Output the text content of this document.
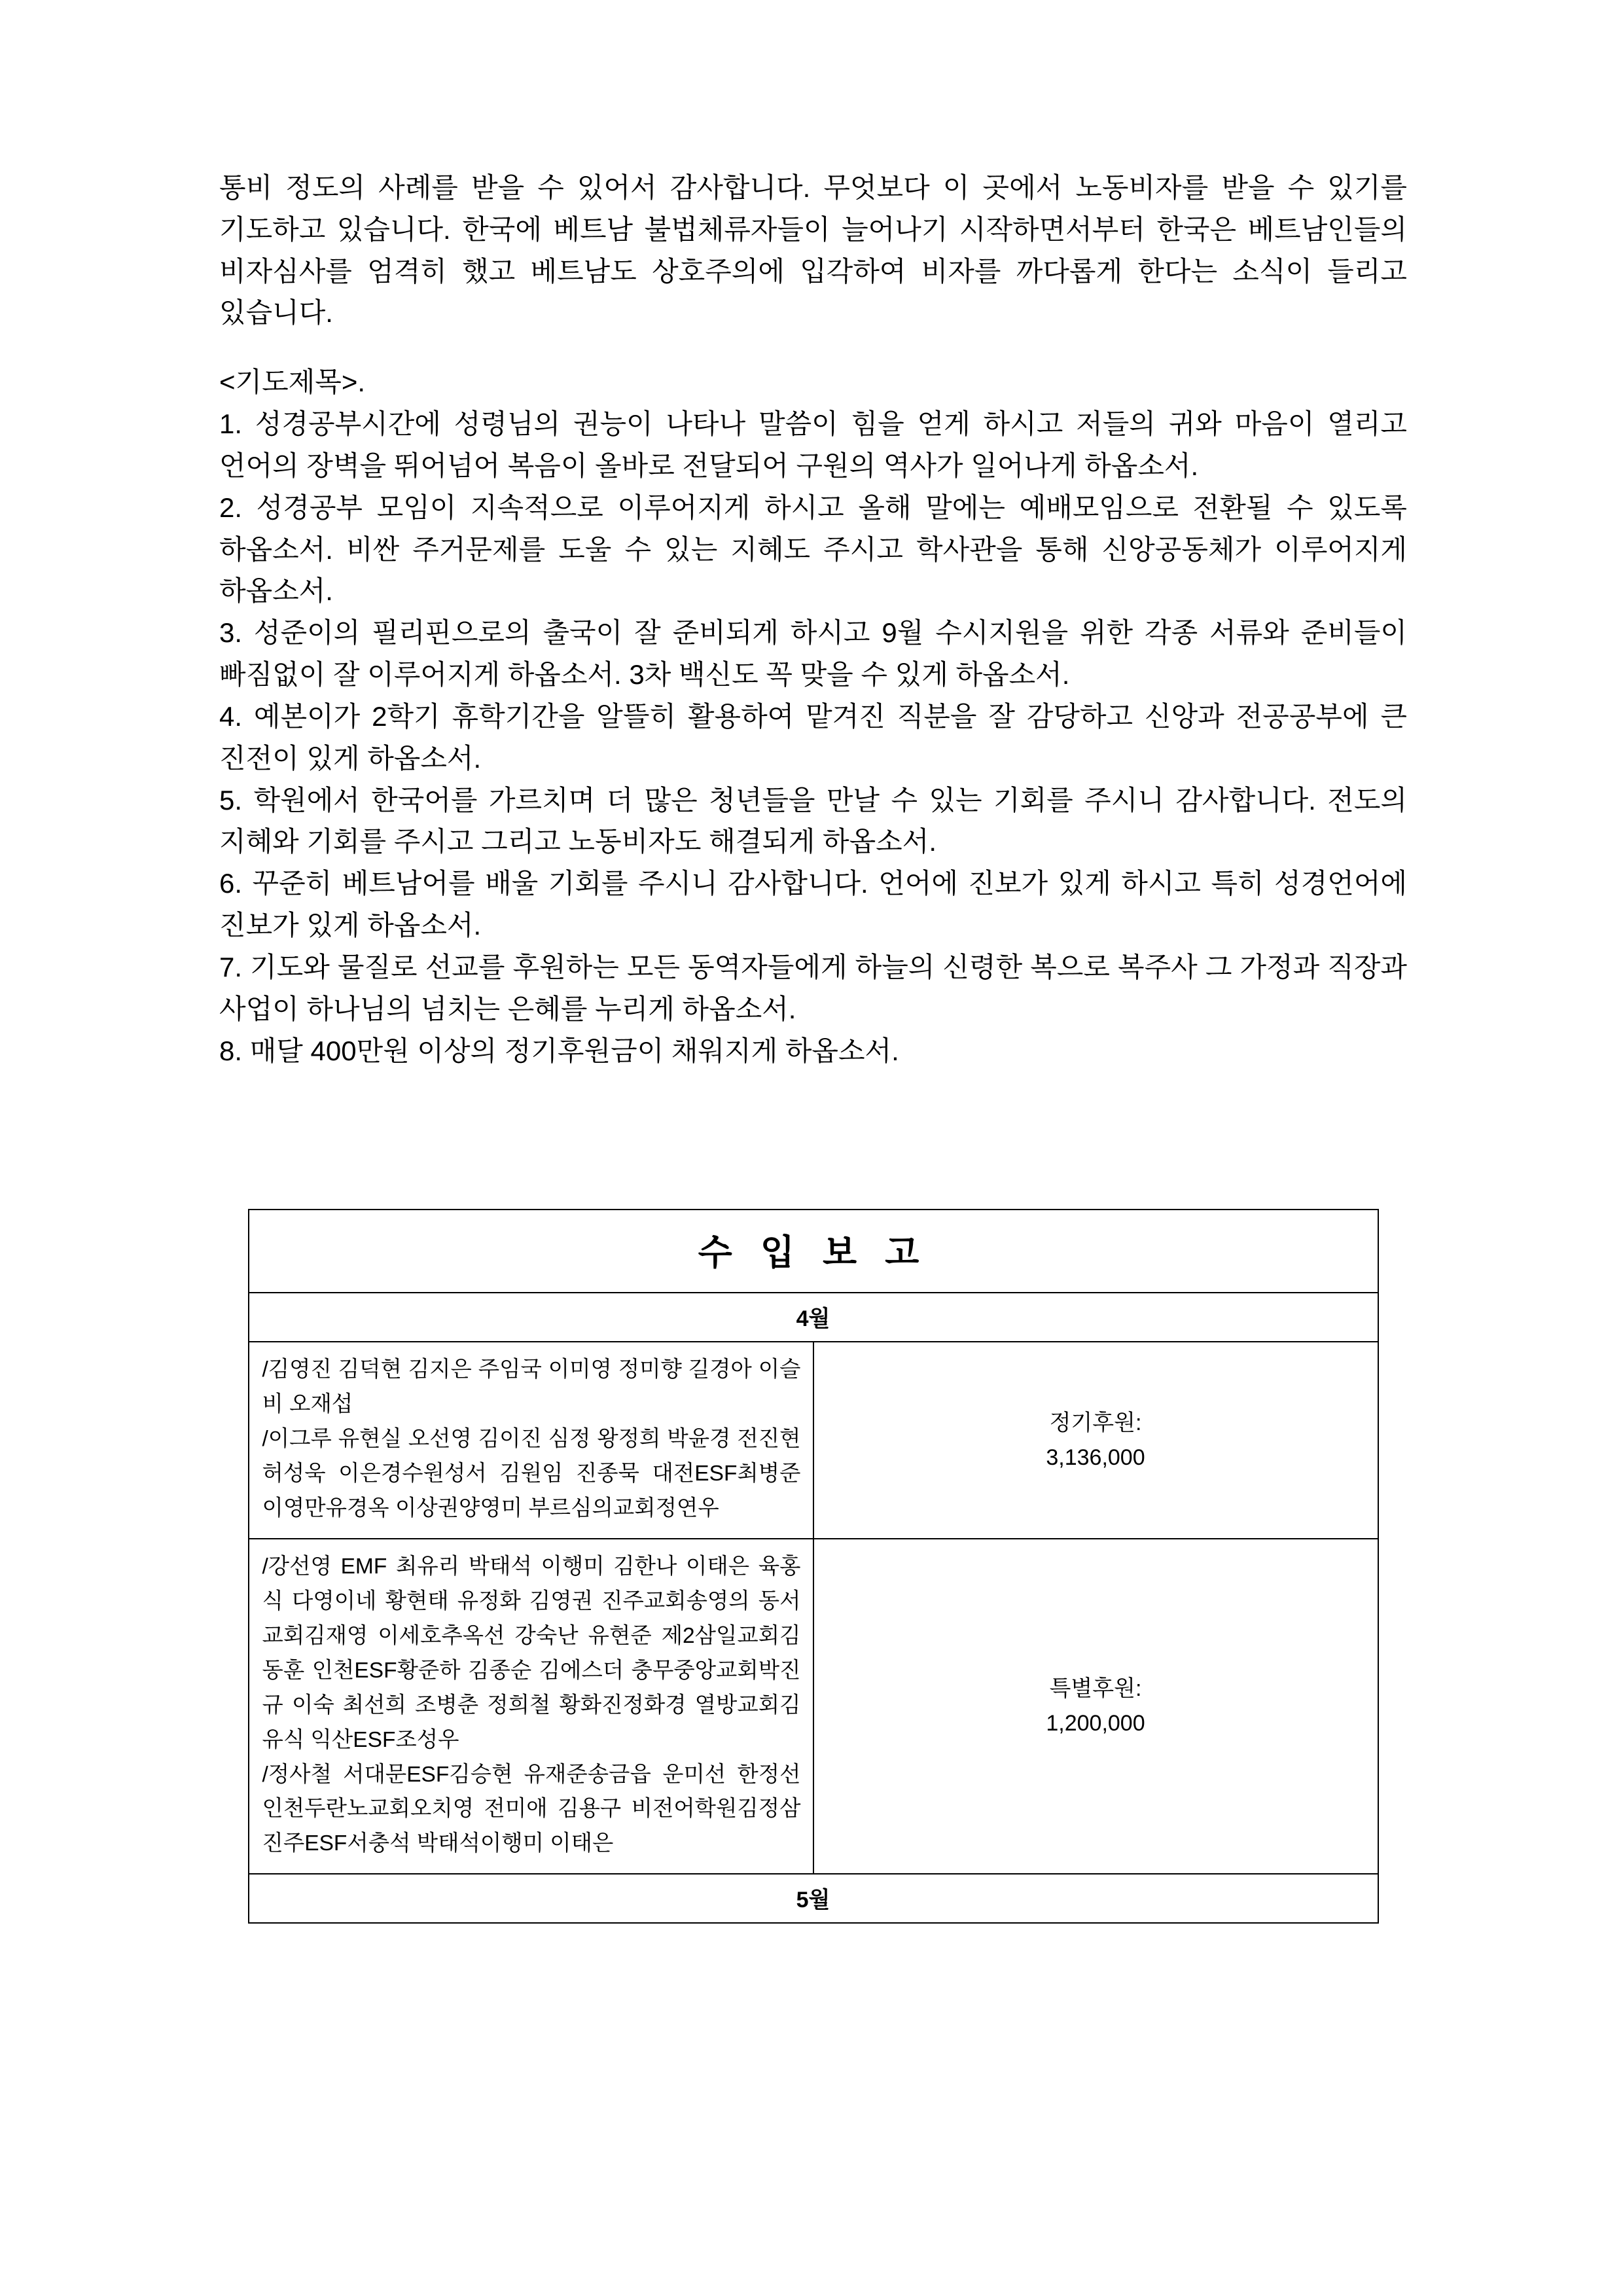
통비 정도의 사례를 받을 수 있어서 감사합니다. 무엇보다 이 곳에서 노동비자를 받을 수 있기를 기도하고 있습니다. 한국에 베트남 불법체류자들이 늘어나기 시작하면서부터 한국은 베트남인들의 비자심사를 엄격히 했고 베트남도 상호주의에 입각하여 비자를 까다롭게 한다는 소식이 들리고 있습니다.

<기도제목>.

1. 성경공부시간에 성령님의 권능이 나타나 말씀이 힘을 얻게 하시고 저들의 귀와 마음이 열리고 언어의 장벽을 뛰어넘어 복음이 올바로 전달되어 구원의 역사가 일어나게 하옵소서.

2. 성경공부 모임이 지속적으로 이루어지게 하시고 올해 말에는 예배모임으로 전환될 수 있도록 하옵소서. 비싼 주거문제를 도울 수 있는 지혜도 주시고 학사관을 통해 신앙공동체가 이루어지게 하옵소서.

3. 성준이의 필리핀으로의 출국이 잘 준비되게 하시고 9월 수시지원을 위한 각종 서류와 준비들이 빠짐없이 잘 이루어지게 하옵소서. 3차 백신도 꼭 맞을 수 있게 하옵소서.

4. 예본이가 2학기 휴학기간을 알뜰히 활용하여 맡겨진 직분을 잘 감당하고 신앙과 전공공부에 큰 진전이 있게 하옵소서.

5. 학원에서 한국어를 가르치며 더 많은 청년들을 만날 수 있는 기회를 주시니 감사합니다. 전도의 지혜와 기회를 주시고 그리고 노동비자도 해결되게 하옵소서.

6. 꾸준히 베트남어를 배울 기회를 주시니 감사합니다. 언어에 진보가 있게 하시고 특히 성경언어에 진보가 있게 하옵소서.

7. 기도와 물질로 선교를 후원하는 모든 동역자들에게 하늘의 신령한 복으로 복주사 그 가정과 직장과 사업이 하나님의 넘치는 은혜를 누리게 하옵소서.

8. 매달 400만원 이상의 정기후원금이 채워지게 하옵소서.

수 입 보 고	
4월	

/김영진 김덕현 김지은 주임국 이미영 정미향 길경아 이슬비 오재섭
/이그루 유현실 오선영 김이진 심정 왕정희 박윤경 전진현 허성욱 이은경수원성서 김원임 진종묵 대전ESF최병준 이영만유경옥 이상권양영미 부르심의교회정연우	정기후원:
3,136,000

/강선영 EMF 최유리 박태석 이행미 김한나 이태은 육홍식 다영이네 황현태 유정화 김영권 진주교회송영의 동서교회김재영 이세호추옥선 강숙난 유현준 제2삼일교회김동훈 인천ESF황준하 김종순 김에스더 충무중앙교회박진규 이숙 최선희 조병춘 정희철 황화진정화경 열방교회김유식 익산ESF조성우
/정사철 서대문ESF김승현 유재준송금읍 운미선 한정선 인천두란노교회오치영 전미애 김용구 비전어학원김정삼 진주ESF서충석 박태석이행미 이태은	특별후원:
1,200,000

5월	
